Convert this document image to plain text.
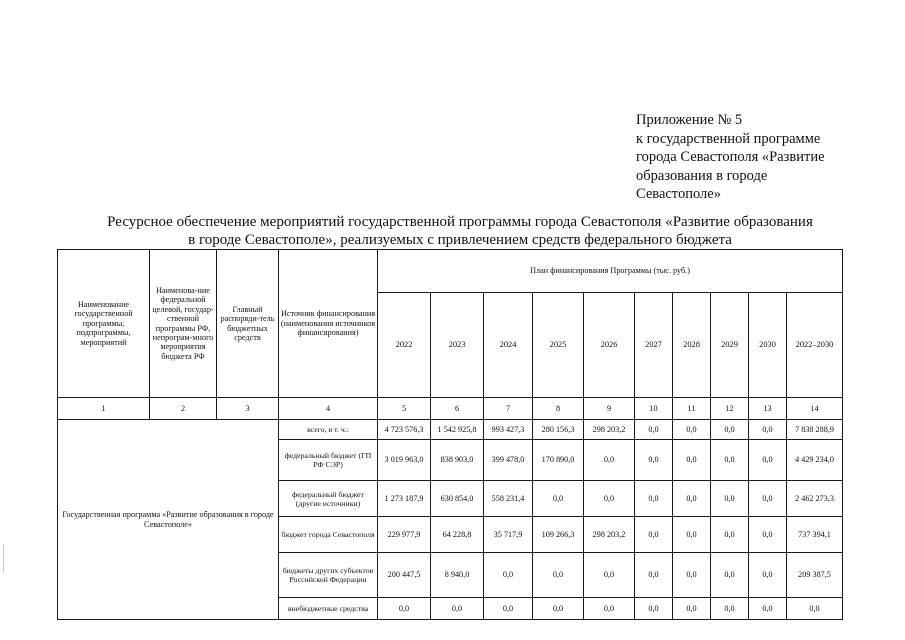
Приложение № 5
к государственной программе
города Севастополя «Развитие
образования в городе
Севастополе»
Ресурсное обеспечение мероприятий государственной программы города Севастополя «Развитие образования
в городе Севастополе», реализуемых с привлечением средств федерального бюджета
Наименование государственной программы, подпрограммы, мероприятий	Наименова-ние федеральной целевой, государ-ственной программы РФ, непрограм-много мероприятия бюджета РФ	Главный распоряди-тель бюджетных средств	Источник финансирования (наименования источников финансирования)	План финансирования Программы (тыс. руб.)									
				2022	2023	2024	2025	2026	2027	2028	2029	2030	2022–2030
1	2	3	4	5	6	7	8	9	10	11	12	13	14
Государственная программа «Развитие образования в городе Севастополе»			всего, в т. ч.:	4 723 576,3	1 542 925,8	993 427,3	280 156,3	298 203,2	0,0	0,0	0,0	0,0	7 838 288,9
			федеральный бюджет (ГП РФ СЭР)	3 019 963,0	838 903,0	399 478,0	170 890,0	0,0	0,0	0,0	0,0	0,0	4 429 234,0
			федеральный бюджет (другие источники)	1 273 187,9	630 854,0	558 231,4	0,0	0,0	0,0	0,0	0,0	0,0	2 462 273,3
			бюджет города Севастополя	229 977,9	64 228,8	35 717,9	109 266,3	298 203,2	0,0	0,0	0,0	0,0	737 394,1
			бюджеты других субъектов Российской Федерации	200 447,5	8 940,0	0,0	0,0	0,0	0,0	0,0	0,0	0,0	209 387,5
			внебюджетные средства	0,0	0,0	0,0	0,0	0,0	0,0	0,0	0,0	0,0	0,0
